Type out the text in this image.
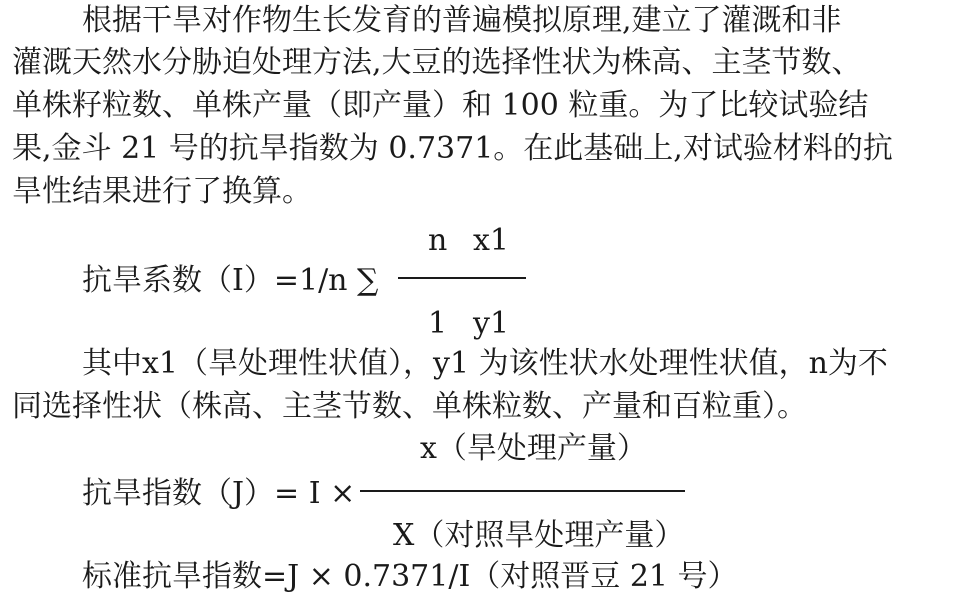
根据干旱对作物生长发育的普遍模拟原理,建立了灌溉和非
灌溉天然水分胁迫处理方法,大豆的选择性状为株高、主茎节数、
单株籽粒数、单株产量（即产量）和 100 粒重。为了比较试验结
果,金斗 21 号的抗旱指数为 0.7371。在此基础上,对试验材料的抗
旱性结果进行了换算。
n x1
抗旱系数（I）=1/n ∑
1 y1
其中x1（旱处理性状值），y1 为该性状水处理性状值，n为不
同选择性状（株高、主茎节数、单株粒数、产量和百粒重）。
x（旱处理产量）
抗旱指数（J）= I ×
X（对照旱处理产量）
标准抗旱指数=J × 0.7371/I（对照晋豆 21 号）
